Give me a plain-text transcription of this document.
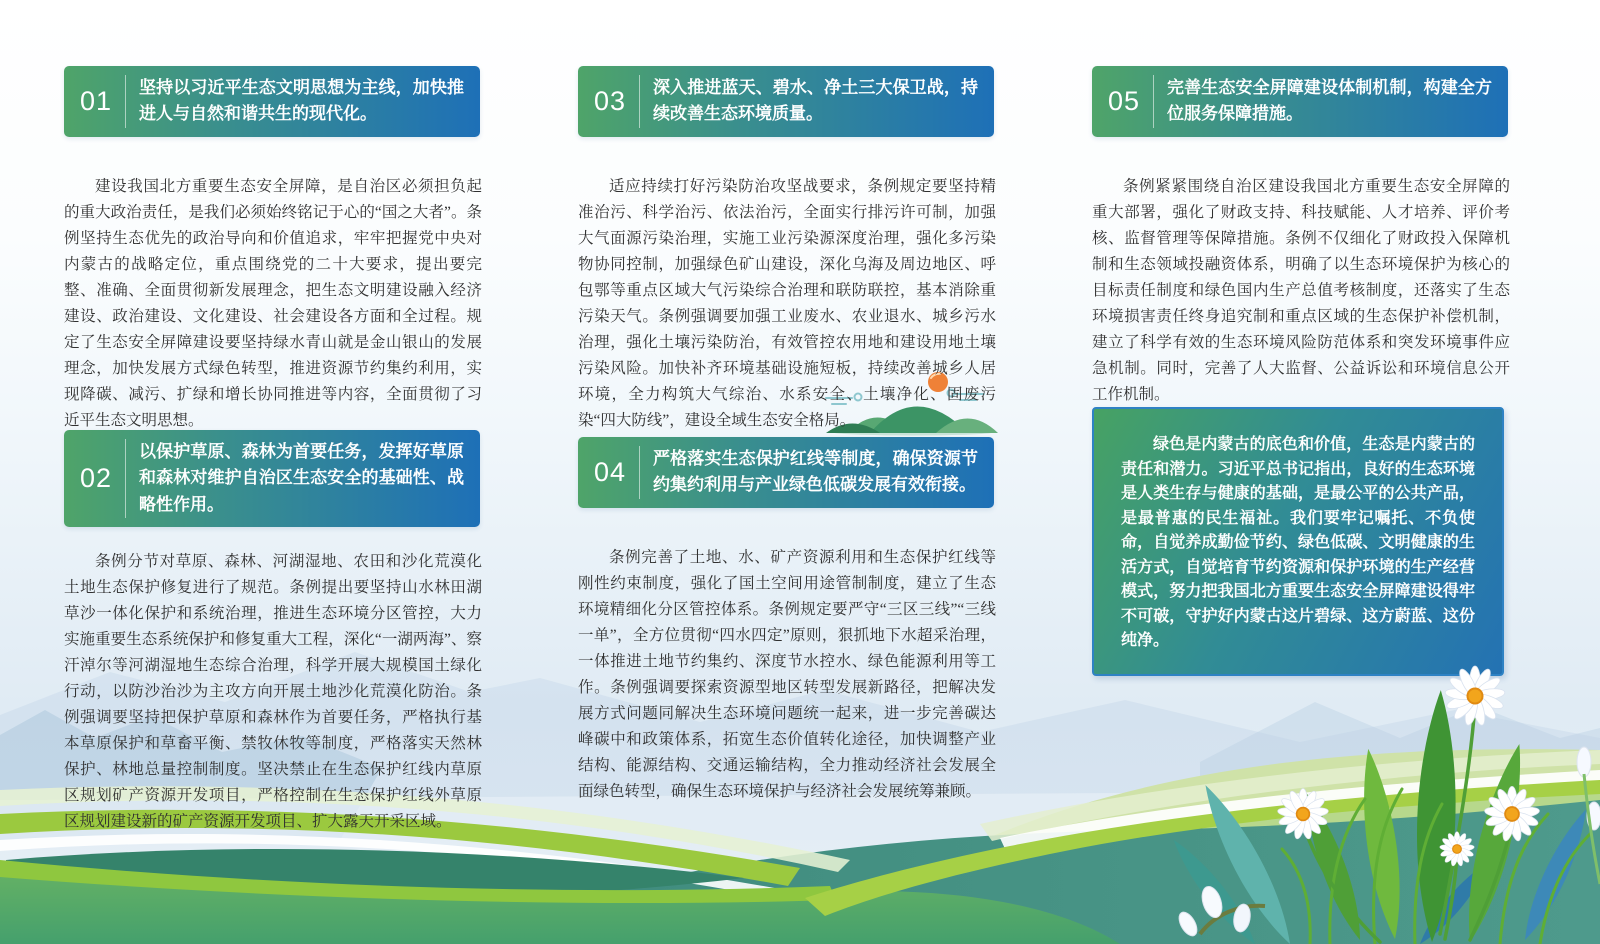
01	坚持以习近平生态文明思想为主线，加快推进人与自然和谐共生的现代化。

建设我国北方重要生态安全屏障，是自治区必须担负起的重大政治责任，是我们必须始终铭记于心的“国之大者”。条例坚持生态优先的政治导向和价值追求，牢牢把握党中央对内蒙古的战略定位，重点围绕党的二十大要求，提出要完整、准确、全面贯彻新发展理念，把生态文明建设融入经济建设、政治建设、文化建设、社会建设各方面和全过程。规定了生态安全屏障建设要坚持绿水青山就是金山银山的发展理念，加快发展方式绿色转型，推进资源节约集约利用，实现降碳、减污、扩绿和增长协同推进等内容，全面贯彻了习近平生态文明思想。

02
以保护草原、森林为首要任务，发挥好草原和森林对维护自治区生态安全的基础性、战略性作用。

条例分节对草原、森林、河湖湿地、农田和沙化荒漠化土地生态保护修复进行了规范。条例提出要坚持山水林田湖草沙一体化保护和系统治理，推进生态环境分区管控，大力实施重要生态系统保护和修复重大工程，深化“一湖两海”、察汗淖尔等河湖湿地生态综合治理，科学开展大规模国土绿化行动，以防沙治沙为主攻方向开展土地沙化荒漠化防治。条例强调要坚持把保护草原和森林作为首要任务，严格执行基本草原保护和草畜平衡、禁牧休牧等制度，严格落实天然林保护、林地总量控制制度。坚决禁止在生态保护红线内草原区规划矿产资源开发项目，严格控制在生态保护红线外草原区规划建设新的矿产资源开发项目、扩大露天开采区域。

03	深入推进蓝天、碧水、净土三大保卫战，持续改善生态环境质量。

适应持续打好污染防治攻坚战要求，条例规定要坚持精准治污、科学治污、依法治污，全面实行排污许可制，加强大气面源污染治理，实施工业污染源深度治理，强化多污染物协同控制，加强绿色矿山建设，深化乌海及周边地区、呼包鄂等重点区域大气污染综合治理和联防联控，基本消除重污染天气。条例强调要加强工业废水、农业退水、城乡污水治理，强化土壤污染防治，有效管控农用地和建设用地土壤污染风险。加快补齐环境基础设施短板，持续改善城乡人居环境，全力构筑大气综治、水系安全、土壤净化、固废污染“四大防线”，建设全域生态安全格局。

04	严格落实生态保护红线等制度，确保资源节约集约利用与产业绿色低碳发展有效衔接。

条例完善了土地、水、矿产资源利用和生态保护红线等刚性约束制度，强化了国土空间用途管制制度，建立了生态环境精细化分区管控体系。条例规定要严守“三区三线”“三线一单”，全方位贯彻“四水四定”原则，狠抓地下水超采治理，一体推进土地节约集约、深度节水控水、绿色能源利用等工作。条例强调要探索资源型地区转型发展新路径，把解决发展方式问题同解决生态环境问题统一起来，进一步完善碳达峰碳中和政策体系，拓宽生态价值转化途径，加快调整产业结构、能源结构、交通运输结构，全力推动经济社会发展全面绿色转型，确保生态环境保护与经济社会发展统筹兼顾。

05	完善生态安全屏障建设体制机制，构建全方位服务保障措施。

条例紧紧围绕自治区建设我国北方重要生态安全屏障的重大部署，强化了财政支持、科技赋能、人才培养、评价考核、监督管理等保障措施。条例不仅细化了财政投入保障机制和生态领域投融资体系，明确了以生态环境保护为核心的目标责任制度和绿色国内生产总值考核制度，还落实了生态环境损害责任终身追究制和重点区域的生态保护补偿机制，建立了科学有效的生态环境风险防范体系和突发环境事件应急机制。同时，完善了人大监督、公益诉讼和环境信息公开工作机制。

绿色是内蒙古的底色和价值，生态是内蒙古的责任和潜力。习近平总书记指出，良好的生态环境是人类生存与健康的基础，是最公平的公共产品，是最普惠的民生福祉。我们要牢记嘱托、不负使命，自觉养成勤俭节约、绿色低碳、文明健康的生活方式，自觉培育节约资源和保护环境的生产经营模式，努力把我国北方重要生态安全屏障建设得牢不可破，守护好内蒙古这片碧绿、这方蔚蓝、这份纯净。
